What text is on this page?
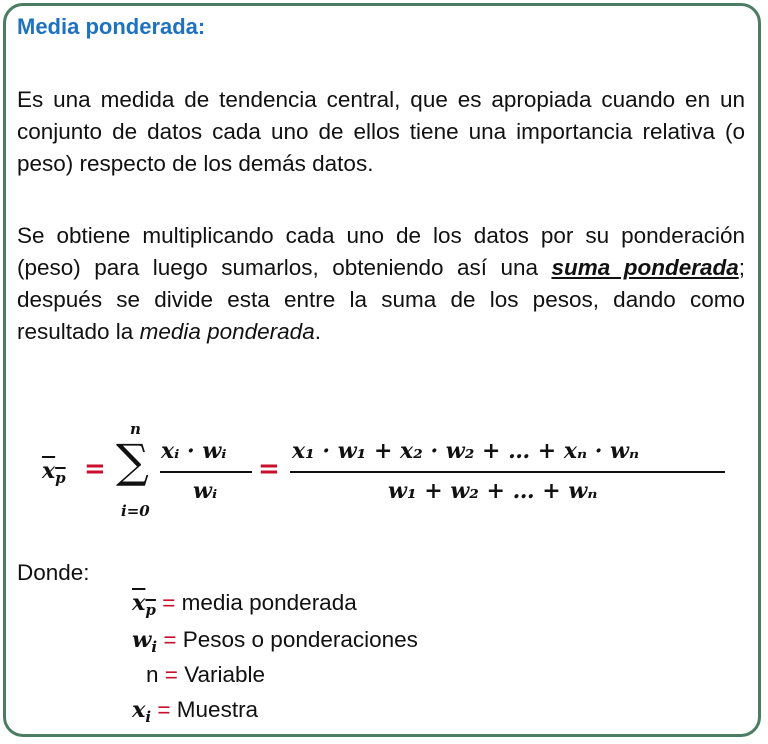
Media ponderada:
Es una medida de tendencia central, que es apropiada cuando en un conjunto de datos cada uno de ellos tiene una importancia relativa (o peso) respecto de los demás datos.
Se obtiene multiplicando cada uno de los datos por su ponderación (peso) para luego sumarlos, obteniendo así una suma ponderada; después se divide esta entre la suma de los pesos, dando como resultado la media ponderada.
$x_p$ =
n
∑
i=0
xᵢ · wᵢ
wᵢ
=
x₁ · w₁ + x₂ · w₂ + … + xₙ · wₙ
w₁ + w₂ + … + wₙ
Donde:
$x_p$ = media ponderada
$w_i$ = Pesos o ponderaciones
n = Variable
$x_i$ = Muestra
